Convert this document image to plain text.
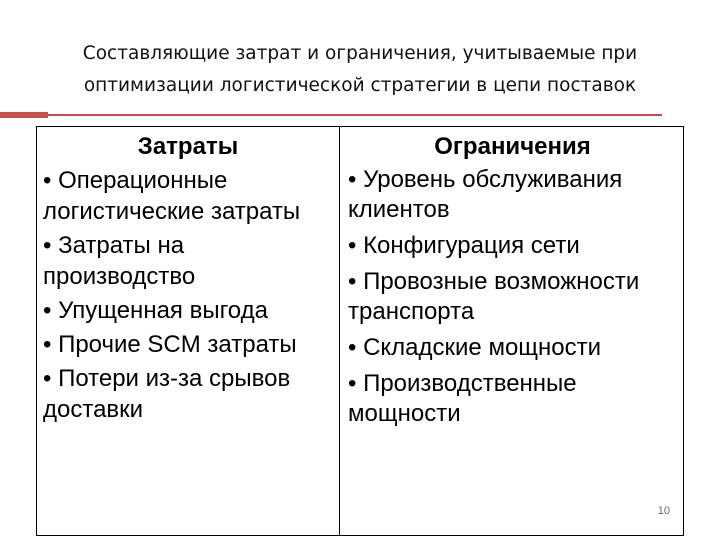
Составляющие затрат и ограничения, учитываемые при
оптимизации логистической стратегии в цепи поставок
Затраты

• Операционные логистические затраты

• Затраты на производство

• Упущенная выгода

• Прочие SCM затраты

• Потери из-за срывов доставки

Ограничения

• Уровень обслуживания клиентов

• Конфигурация сети

• Провозные возможности транспорта

• Складские мощности

• Производственные мощности

10
